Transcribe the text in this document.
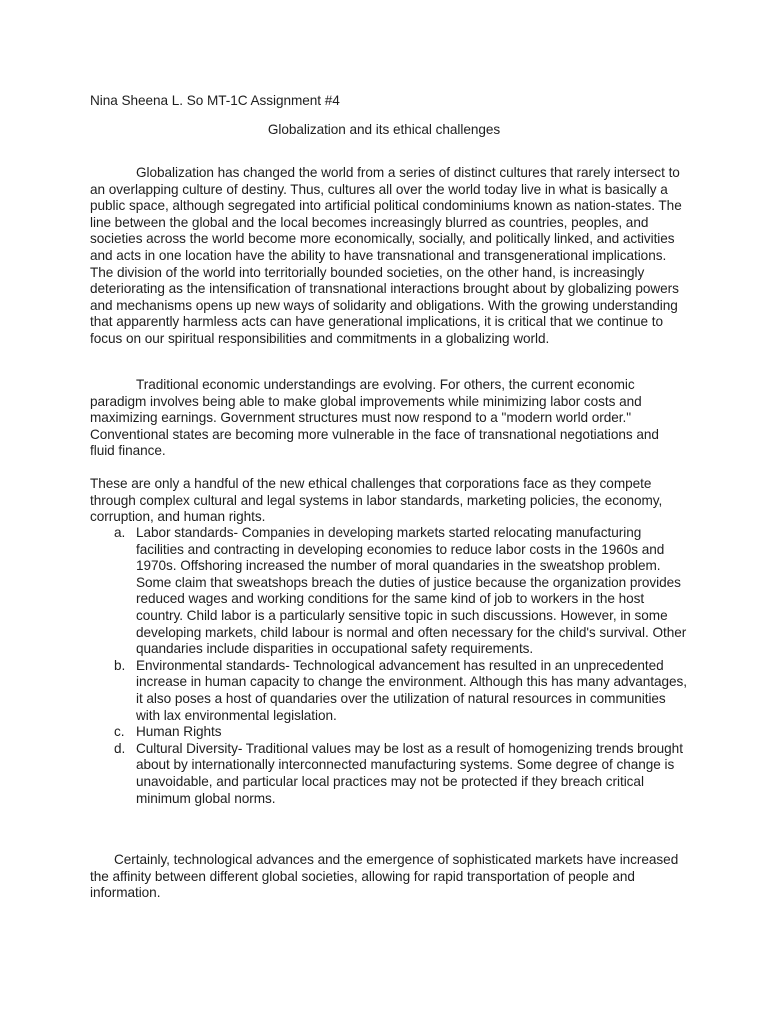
Nina Sheena L. So MT-1C Assignment #4
Globalization and its ethical challenges

Globalization has changed the world from a series of distinct cultures that rarely intersect to an overlapping culture of destiny. Thus, cultures all over the world today live in what is basically a public space, although segregated into artificial political condominiums known as nation-states. The line between the global and the local becomes increasingly blurred as countries, peoples, and societies across the world become more economically, socially, and politically linked, and activities and acts in one location have the ability to have transnational and transgenerational implications. The division of the world into territorially bounded societies, on the other hand, is increasingly deteriorating as the intensification of transnational interactions brought about by globalizing powers and mechanisms opens up new ways of solidarity and obligations. With the growing understanding that apparently harmless acts can have generational implications, it is critical that we continue to focus on our spiritual responsibilities and commitments in a globalizing world.

Traditional economic understandings are evolving. For others, the current economic paradigm involves being able to make global improvements while minimizing labor costs and maximizing earnings. Government structures must now respond to a "modern world order." Conventional states are becoming more vulnerable in the face of transnational negotiations and fluid finance.

These are only a handful of the new ethical challenges that corporations face as they compete through complex cultural and legal systems in labor standards, marketing policies, the economy, corruption, and human rights.

a. Labor standards- Companies in developing markets started relocating manufacturing facilities and contracting in developing economies to reduce labor costs in the 1960s and 1970s. Offshoring increased the number of moral quandaries in the sweatshop problem. Some claim that sweatshops breach the duties of justice because the organization provides reduced wages and working conditions for the same kind of job to workers in the host country. Child labor is a particularly sensitive topic in such discussions. However, in some developing markets, child labour is normal and often necessary for the child's survival. Other quandaries include disparities in occupational safety requirements.
b. Environmental standards- Technological advancement has resulted in an unprecedented increase in human capacity to change the environment. Although this has many advantages, it also poses a host of quandaries over the utilization of natural resources in communities with lax environmental legislation.
c. Human Rights
d. Cultural Diversity- Traditional values may be lost as a result of homogenizing trends brought about by internationally interconnected manufacturing systems. Some degree of change is unavoidable, and particular local practices may not be protected if they breach critical minimum global norms.

Certainly, technological advances and the emergence of sophisticated markets have increased the affinity between different global societies, allowing for rapid transportation of people and information.
